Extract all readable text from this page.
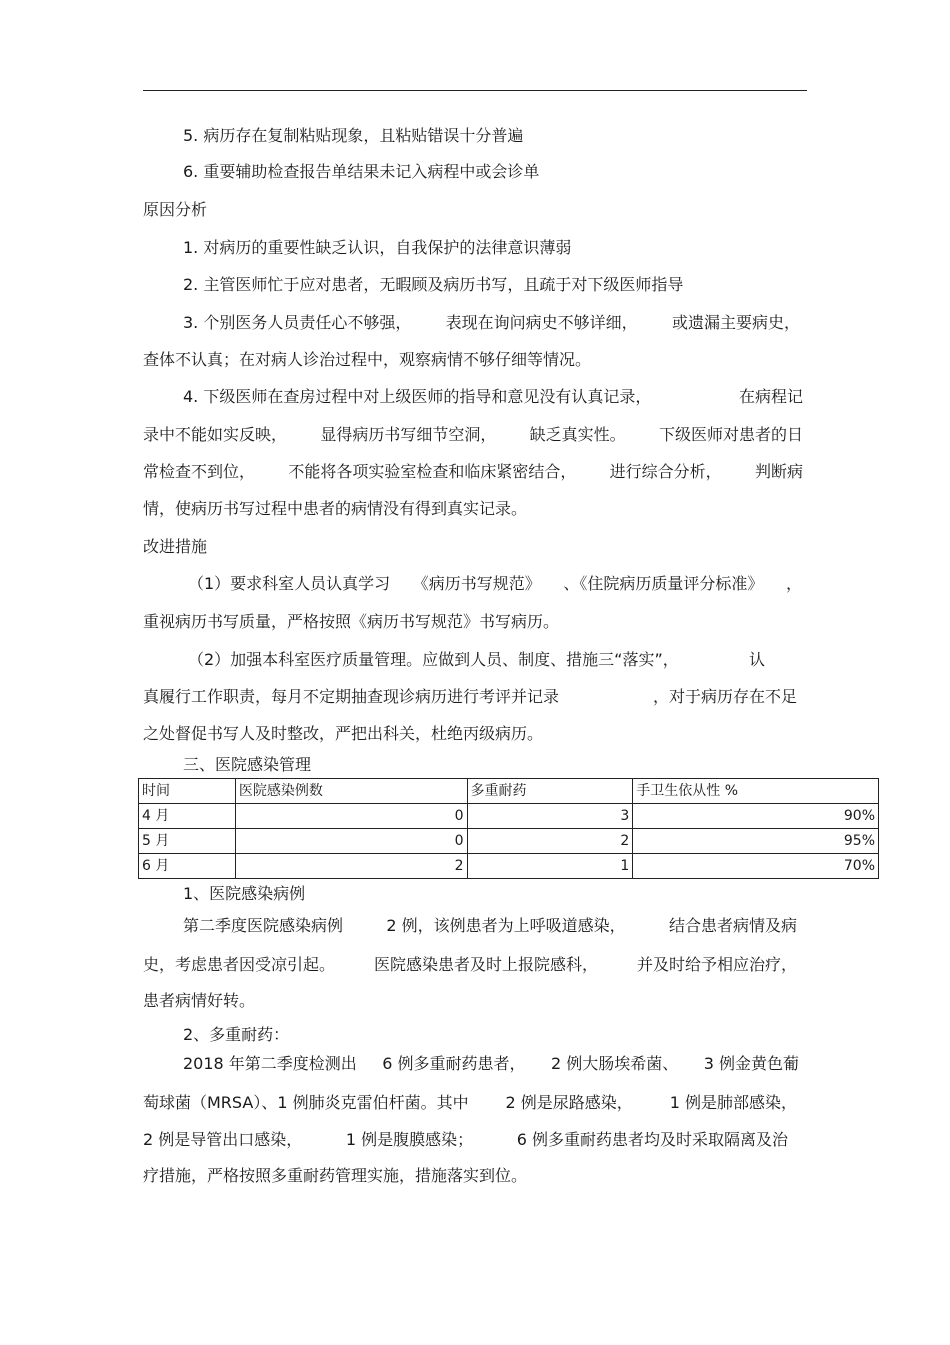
5. 病历存在复制粘贴现象，且粘贴错误十分普遍
6. 重要辅助检查报告单结果未记入病程中或会诊单
原因分析
1. 对病历的重要性缺乏认识，自我保护的法律意识薄弱
2. 主管医师忙于应对患者，无暇顾及病历书写，且疏于对下级医师指导
3. 个别医务人员责任心不够强， 表现在询问病史不够详细， 或遗漏主要病史，
查体不认真；在对病人诊治过程中，观察病情不够仔细等情况。
4. 下级医师在查房过程中对上级医师的指导和意见没有认真记录，	在病程记
录中不能如实反映， 显得病历书写细节空洞， 缺乏真实性。 下级医师对患者的日
常检查不到位， 不能将各项实验室检查和临床紧密结合， 进行综合分析， 判断病
情，使病历书写过程中患者的病情没有得到真实记录。
改进措施
（1）要求科室人员认真学习 《病历书写规范》 、《住院病历质量评分标准》 ，
重视病历书写质量，严格按照《病历书写规范》书写病历。
（2）加强本科室医疗质量管理。应做到人员、制度、措施三“落实”，	认
真履行工作职责，每月不定期抽查现诊病历进行考评并记录	，对于病历存在不足
之处督促书写人及时整改，严把出科关，杜绝丙级病历。
三、医院感染管理
时间	医院感染例数	多重耐药	手卫生依从性 %
4 月	0	3	90%
5 月	0	2	95%
6 月	2	1	70%
1、医院感染病例
第二季度医院感染病例	2 例，该例患者为上呼吸道感染，	结合患者病情及病
史，考虑患者因受凉引起。 医院感染患者及时上报院感科， 并及时给予相应治疗，
患者病情好转。
2、多重耐药：
2018 年第二季度检测出 6 例多重耐药患者， 2 例大肠埃希菌、 3 例金黄色葡
萄球菌（MRSA）、1 例肺炎克雷伯杆菌。其中 2 例是尿路感染， 1 例是肺部感染，
2 例是导管出口感染，	1 例是腹膜感染；	6 例多重耐药患者均及时采取隔离及治
疗措施，严格按照多重耐药管理实施，措施落实到位。
